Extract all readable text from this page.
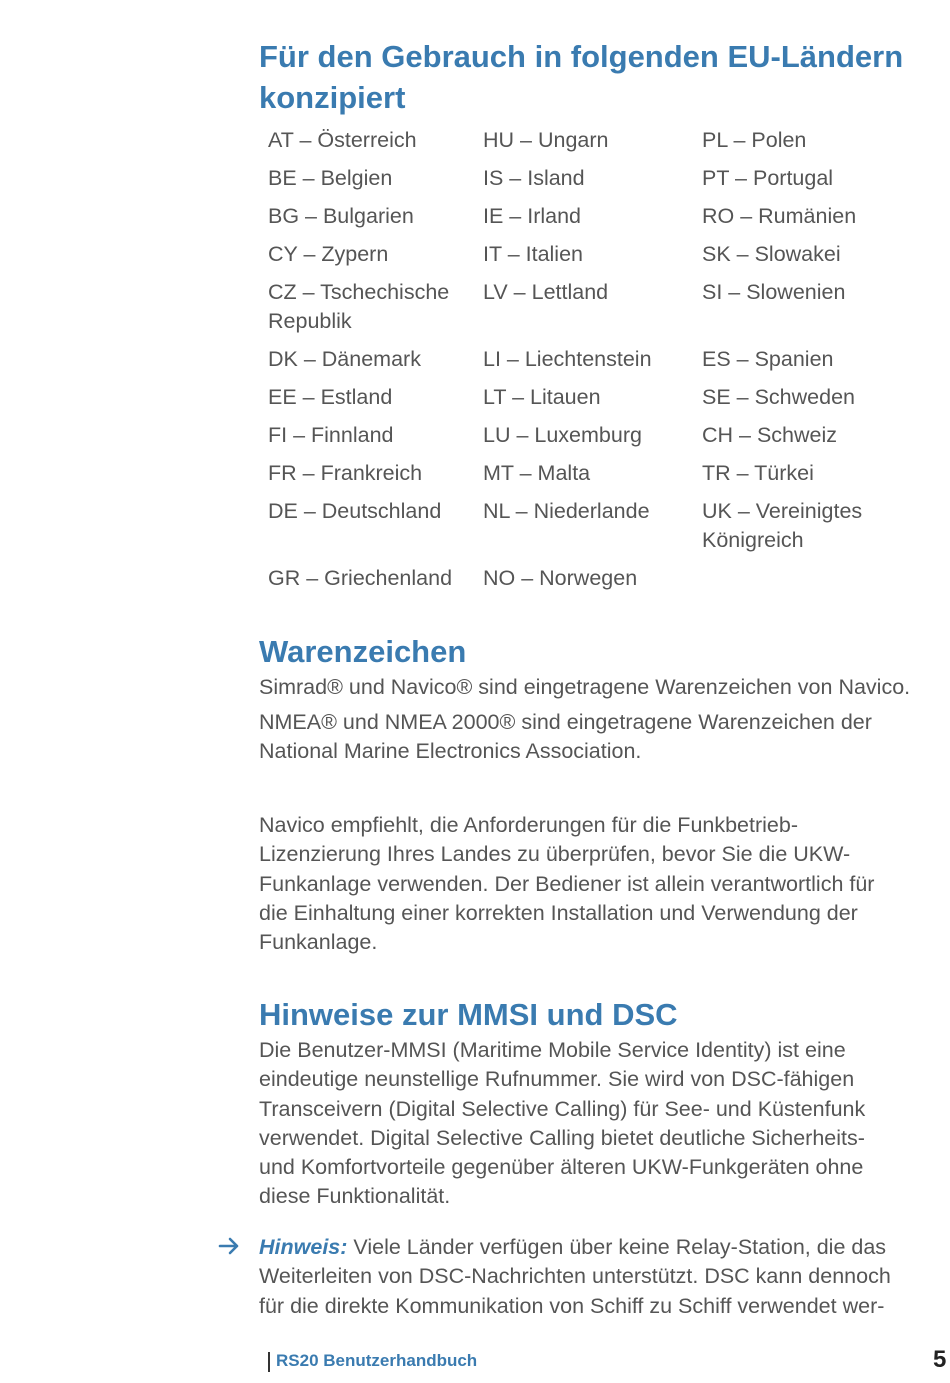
Für den Gebrauch in folgenden EU-Ländern
konzipiert
AT – Österreich	HU – Ungarn	PL – Polen
BE – Belgien	IS – Island	PT – Portugal
BG – Bulgarien	IE – Irland	RO – Rumänien
CY – Zypern	IT – Italien	SK – Slowakei
CZ – Tschechische Republik	LV – Lettland	SI – Slowenien
DK – Dänemark	LI – Liechtenstein	ES – Spanien
EE – Estland	LT – Litauen	SE – Schweden
FI – Finnland	LU – Luxemburg	CH – Schweiz
FR – Frankreich	MT – Malta	TR – Türkei
DE – Deutschland	NL – Niederlande	UK – Vereinigtes Königreich
GR – Griechenland	NO – Norwegen	
Warenzeichen

Simrad® und Navico® sind eingetragene Warenzeichen von Navico.

NMEA® und NMEA 2000® sind eingetragene Warenzeichen der National Marine Electronics Association.

Navico empfiehlt, die Anforderungen für die Funkbetrieb-Lizenzierung Ihres Landes zu überprüfen, bevor Sie die UKW-Funkanlage verwenden. Der Bediener ist allein verantwortlich für die Einhaltung einer korrekten Installation und Verwendung der Funkanlage.

Hinweise zur MMSI und DSC

Die Benutzer-MMSI (Maritime Mobile Service Identity) ist eine eindeutige neunstellige Rufnummer. Sie wird von DSC-fähigen Transceivern (Digital Selective Calling) für See- und Küstenfunk verwendet. Digital Selective Calling bietet deutliche Sicherheits- und Komfortvorteile gegenüber älteren UKW-Funkgeräten ohne diese Funktionalität.

Hinweis: Viele Länder verfügen über keine Relay-Station, die das Weiterleiten von DSC-Nachrichten unterstützt. DSC kann dennoch für die direkte Kommunikation von Schiff zu Schiff verwendet wer-

RS20 Benutzerhandbuch	5
